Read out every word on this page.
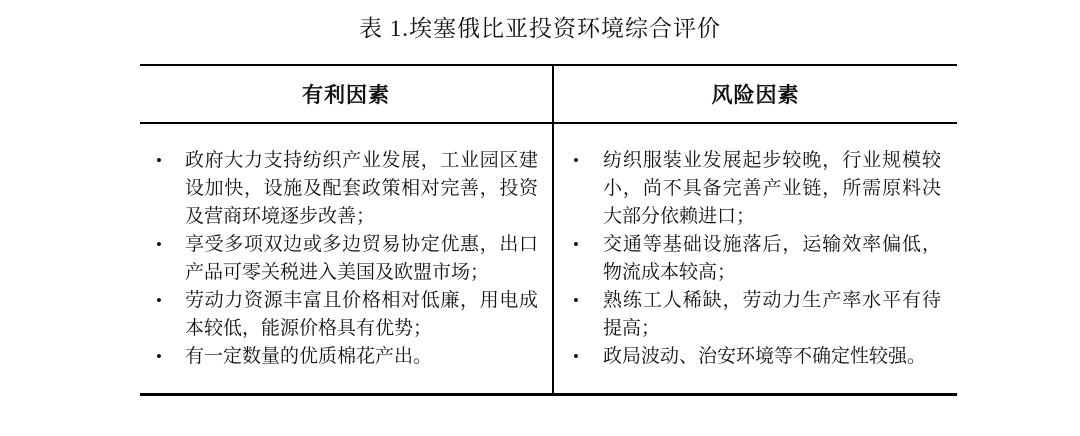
表 1.埃塞俄比亚投资环境综合评价
有利因素	风险因素
• 政府大力支持纺织产业发展，工业园区建设加快，设施及配套政策相对完善，投资及营商环境逐步改善；
• 享受多项双边或多边贸易协定优惠，出口产品可零关税进入美国及欧盟市场；
• 劳动力资源丰富且价格相对低廉，用电成本较低，能源价格具有优势；
• 有一定数量的优质棉花产出。
• 纺织服装业发展起步较晚，行业规模较小，尚不具备完善产业链，所需原料决大部分依赖进口；
• 交通等基础设施落后，运输效率偏低，物流成本较高；
• 熟练工人稀缺，劳动力生产率水平有待提高；
• 政局波动、治安环境等不确定性较强。
